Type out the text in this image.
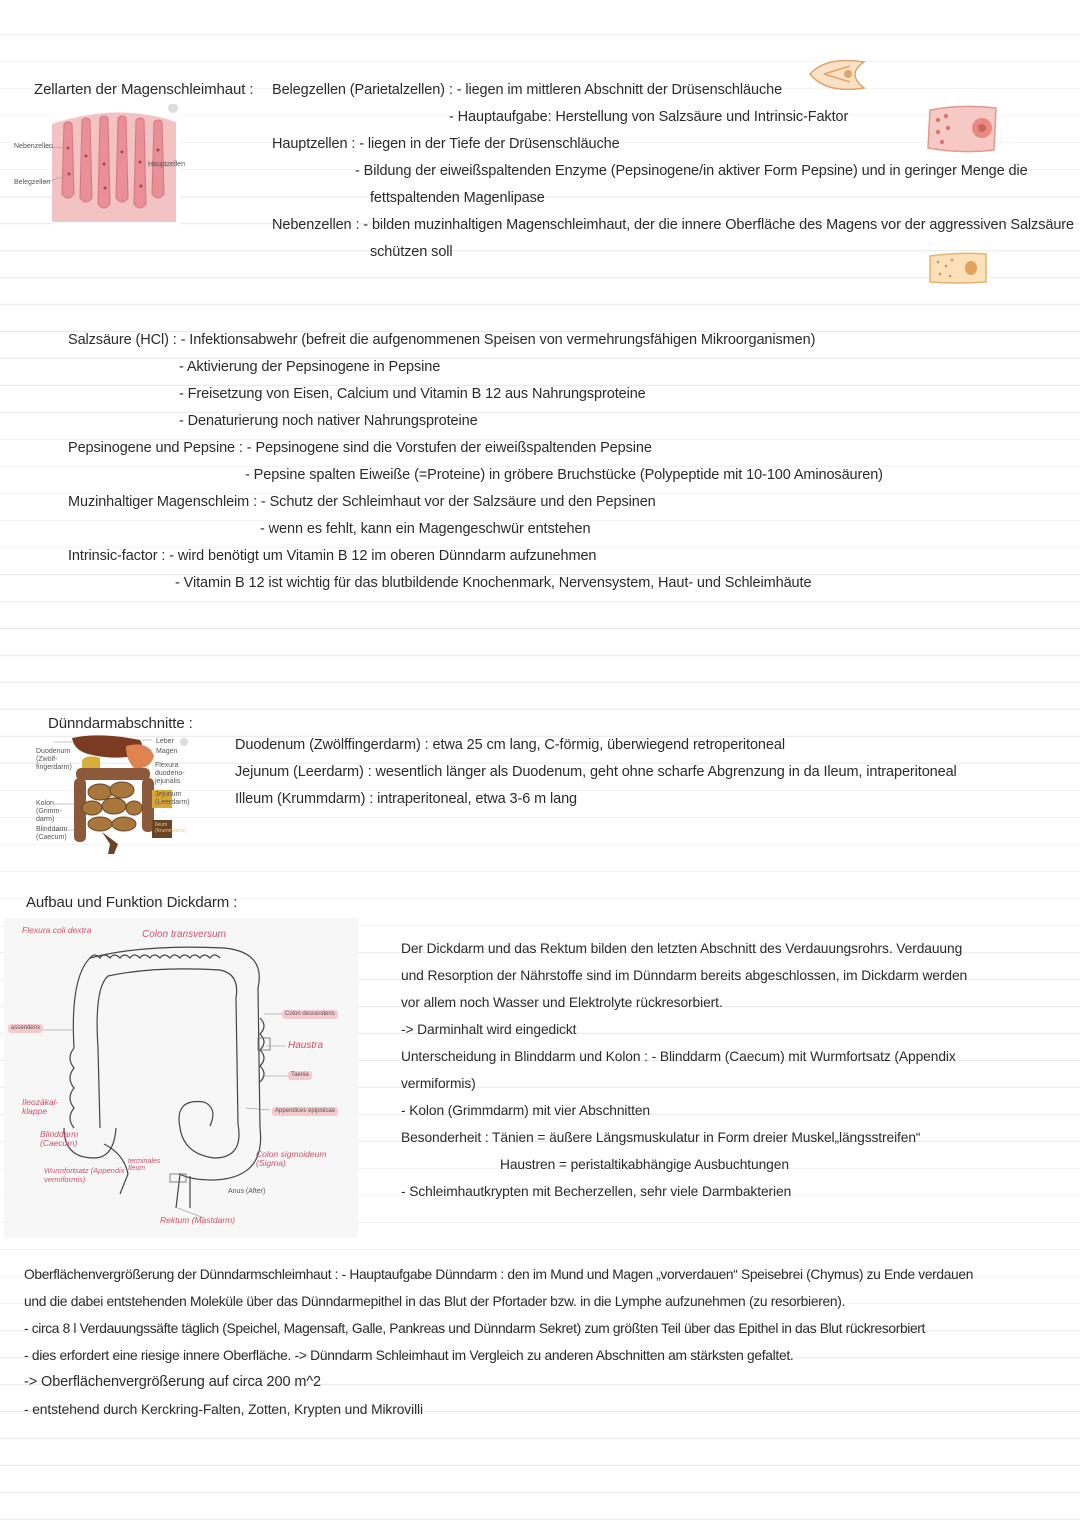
Zellarten der Magenschleimhaut :
Nebenzellen
Belegzellen
Hauptzellen
Belegzellen (Parietalzellen) : - liegen im mittleren Abschnitt der Drüsenschläuche
- Hauptaufgabe: Herstellung von Salzsäure und Intrinsic-Faktor
Hauptzellen : - liegen in der Tiefe der Drüsenschläuche
- Bildung der eiweißspaltenden Enzyme (Pepsinogene/in aktiver Form Pepsine) und in geringer Menge die
fettspaltenden Magenlipase
Nebenzellen : - bilden muzinhaltigen Magenschleimhaut, der die innere Oberfläche des Magens vor der aggressiven Salzsäure
schützen soll
Salzsäure (HCl) : - Infektionsabwehr (befreit die aufgenommenen Speisen von vermehrungsfähigen Mikroorganismen)
- Aktivierung der Pepsinogene in Pepsine
- Freisetzung von Eisen, Calcium und Vitamin B 12 aus Nahrungsproteine
- Denaturierung noch nativer Nahrungsproteine
Pepsinogene und Pepsine : - Pepsinogene sind die Vorstufen der eiweißspaltenden Pepsine
- Pepsine spalten Eiweiße (=Proteine) in gröbere Bruchstücke (Polypeptide mit 10-100 Aminosäuren)
Muzinhaltiger Magenschleim : - Schutz der Schleimhaut vor der Salzsäure und den Pepsinen
- wenn es fehlt, kann ein Magengeschwür entstehen
Intrinsic-factor : - wird benötigt um Vitamin B 12 im oberen Dünndarm aufzunehmen
- Vitamin B 12 ist wichtig für das blutbildende Knochenmark, Nervensystem, Haut- und Schleimhäute
Dünndarmabschnitte :
Leber
Magen
Flexura duodeno-jejunalis
Jejunum (Leerdarm)
Duodenum (Zwölf-fingerdarm)
Kolon (Grimm-darm)
Blinddarm (Caecum)
Ileum (Krummdarm)
Duodenum (Zwölffingerdarm) : etwa 25 cm lang, C-förmig, überwiegend retroperitoneal
Jejunum (Leerdarm) : wesentlich länger als Duodenum, geht ohne scharfe Abgrenzung in da Ileum, intraperitoneal
Illeum (Krummdarm) : intraperitoneal, etwa 3-6 m lang
Aufbau und Funktion Dickdarm :
Flexura coli dextra	Colon transversum
Colon descendens
ascendens
Haustra
Taenia
Appendices epiploicae
Ileozäkal-klappe
Blinddarm (Caecum)
terminales Ileum
Wurmfortsatz (Appendix vermiformis)
Colon sigmoideum (Sigma)
Anus (After)
Rektum (Mastdarm)
Der Dickdarm und das Rektum bilden den letzten Abschnitt des Verdauungsrohrs. Verdauung
und Resorption der Nährstoffe sind im Dünndarm bereits abgeschlossen, im Dickdarm werden
vor allem noch Wasser und Elektrolyte rückresorbiert.
-> Darminhalt wird eingedickt
Unterscheidung in Blinddarm und Kolon : - Blinddarm (Caecum) mit Wurmfortsatz (Appendix
vermiformis)
- Kolon (Grimmdarm) mit vier Abschnitten
Besonderheit : Tänien = äußere Längsmuskulatur in Form dreier Muskel„längsstreifen“
Haustren = peristaltikabhängige Ausbuchtungen
- Schleimhautkrypten mit Becherzellen, sehr viele Darmbakterien
Oberflächenvergrößerung der Dünndarmschleimhaut : - Hauptaufgabe Dünndarm : den im Mund und Magen „vorverdauen“ Speisebrei (Chymus) zu Ende verdauen
und die dabei entstehenden Moleküle über das Dünndarmepithel in das Blut der Pfortader bzw. in die Lymphe aufzunehmen (zu resorbieren).
- circa 8 l Verdauungssäfte täglich (Speichel, Magensaft, Galle, Pankreas und Dünndarm Sekret) zum größten Teil über das Epithel in das Blut rückresorbiert
- dies erfordert eine riesige innere Oberfläche. -> Dünndarm Schleimhaut im Vergleich zu anderen Abschnitten am stärksten gefaltet.
-> Oberflächenvergrößerung auf circa 200 m^2
- entstehend durch Kerckring-Falten, Zotten, Krypten und Mikrovilli
